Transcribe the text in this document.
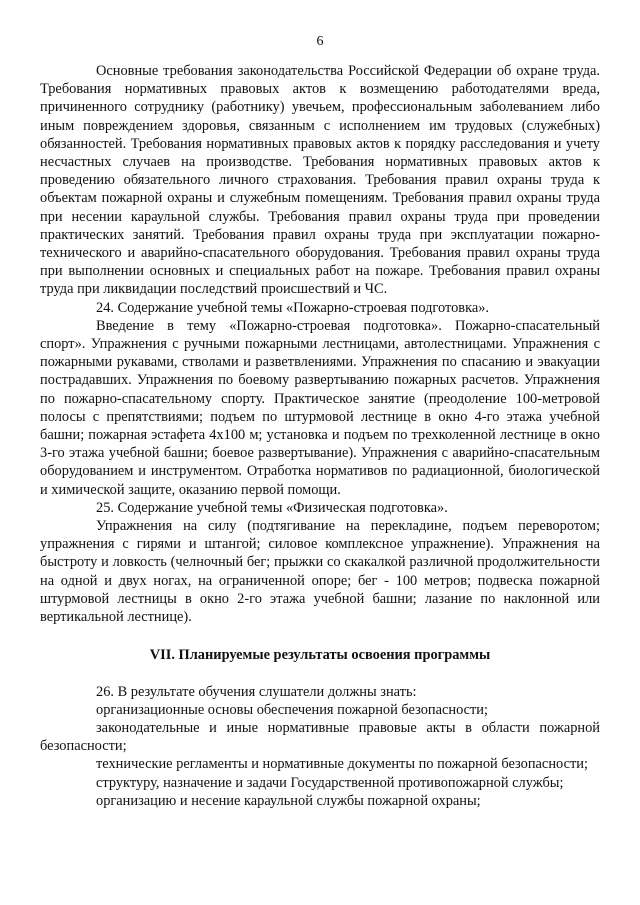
6

Основные требования законодательства Российской Федерации об охране труда. Требования нормативных правовых актов к возмещению работодателями вреда, причиненного сотруднику (работнику) увечьем, профессиональным заболеванием либо иным повреждением здоровья, связанным с исполнением им трудовых (служебных) обязанностей. Требования нормативных правовых актов к порядку расследования и учету несчастных случаев на производстве. Требования нормативных правовых актов к проведению обязательного личного страхования. Требования правил охраны труда к объектам пожарной охраны и служебным помещениям. Требования правил охраны труда при несении караульной службы. Требования правил охраны труда при проведении практических занятий. Требования правил охраны труда при эксплуатации пожарно-технического и аварийно-спасательного оборудования. Требования правил охраны труда при выполнении основных и специальных работ на пожаре. Требования правил охраны труда при ликвидации последствий происшествий и ЧС.

24. Содержание учебной темы «Пожарно-строевая подготовка».

Введение в тему «Пожарно-строевая подготовка». Пожарно-спасательный спорт». Упражнения с ручными пожарными лестницами, автолестницами. Упражнения с пожарными рукавами, стволами и разветвлениями. Упражнения по спасанию и эвакуации пострадавших. Упражнения по боевому развертыванию пожарных расчетов. Упражнения по пожарно-спасательному спорту. Практическое занятие (преодоление 100-метровой полосы с препятствиями; подъем по штурмовой лестнице в окно 4-го этажа учебной башни; пожарная эстафета 4х100 м; установка и подъем по трехколенной лестнице в окно 3-го этажа учебной башни; боевое развертывание). Упражнения с аварийно-спасательным оборудованием и инструментом. Отработка нормативов по радиационной, биологической и химической защите, оказанию первой помощи.

25. Содержание учебной темы «Физическая подготовка».

Упражнения на силу (подтягивание на перекладине, подъем переворотом; упражнения с гирями и штангой; силовое комплексное упражнение). Упражнения на быстроту и ловкость (челночный бег; прыжки со скакалкой различной продолжительности на одной и двух ногах, на ограниченной опоре; бег - 100 метров; подвеска пожарной штурмовой лестницы в окно 2-го этажа учебной башни; лазание по наклонной или вертикальной лестнице).

VII. Планируемые результаты освоения программы

26. В результате обучения слушатели должны знать:

организационные основы обеспечения пожарной безопасности;

законодательные и иные нормативные правовые акты в области пожарной безопасности;

технические регламенты и нормативные документы по пожарной безопасности;

структуру, назначение и задачи Государственной противопожарной службы;

организацию и несение караульной службы пожарной охраны;
